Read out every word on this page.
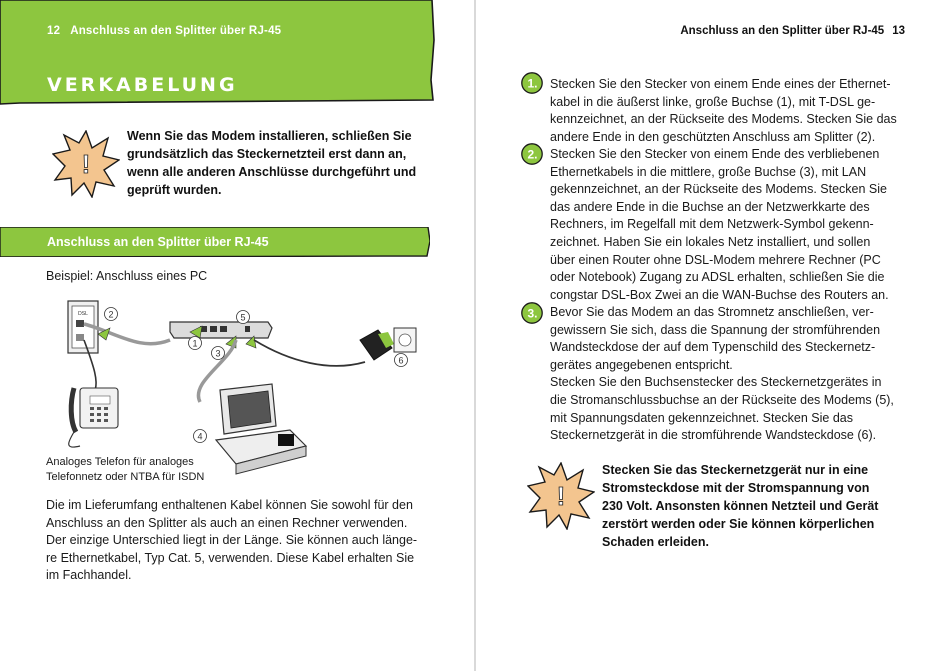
12 Anschluss an den Splitter über RJ-45
VERKABELUNG
!
Wenn Sie das Modem installieren, schließen Sie
grundsätzlich das Steckernetzteil erst dann an,
wenn alle anderen Anschlüsse durchgeführt und
geprüft wurden.
Anschluss an den Splitter über RJ-45
Beispiel: Anschluss eines PC
DSL
1
2
3
4
5
6
Analoges Telefon für analoges
Telefonnetz oder NTBA für ISDN
Die im Lieferumfang enthaltenen Kabel können Sie sowohl für den
Anschluss an den Splitter als auch an einen Rechner verwenden.
Der einzige Unterschied liegt in der Länge. Sie können auch länge-
re Ethernetkabel, Typ Cat. 5, verwenden. Diese Kabel erhalten Sie
im Fachhandel.
Anschluss an den Splitter über RJ-45 13
1.
2.
3.
Stecken Sie den Stecker von einem Ende eines der Ethernet-
kabel in die äußerst linke, große Buchse (1), mit T-DSL ge-
kennzeichnet, an der Rückseite des Modems. Stecken Sie das
andere Ende in den geschützten Anschluss am Splitter (2).
Stecken Sie den Stecker von einem Ende des verbliebenen
Ethernetkabels in die mittlere, große Buchse (3), mit LAN
gekennzeichnet, an der Rückseite des Modems. Stecken Sie
das andere Ende in die Buchse an der Netzwerkkarte des
Rechners, im Regelfall mit dem Netzwerk-Symbol gekenn-
zeichnet. Haben Sie ein lokales Netz installiert, und sollen
über einen Router ohne DSL-Modem mehrere Rechner (PC
oder Notebook) Zugang zu ADSL erhalten, schließen Sie die
congstar DSL-Box Zwei an die WAN-Buchse des Routers an.
Bevor Sie das Modem an das Stromnetz anschließen, ver-
gewissern Sie sich, dass die Spannung der stromführenden
Wandsteckdose der auf dem Typenschild des Steckernetz-
gerätes angegebenen entspricht.
Stecken Sie den Buchsenstecker des Steckernetzgerätes in
die Stromanschlussbuchse an der Rückseite des Modems (5),
mit Spannungsdaten gekennzeichnet. Stecken Sie das
Steckernetzgerät in die stromführende Wandsteckdose (6).
!
Stecken Sie das Steckernetzgerät nur in eine
Stromsteckdose mit der Stromspannung von
230 Volt. Ansonsten können Netzteil und Gerät
zerstört werden oder Sie können körperlichen
Schaden erleiden.
